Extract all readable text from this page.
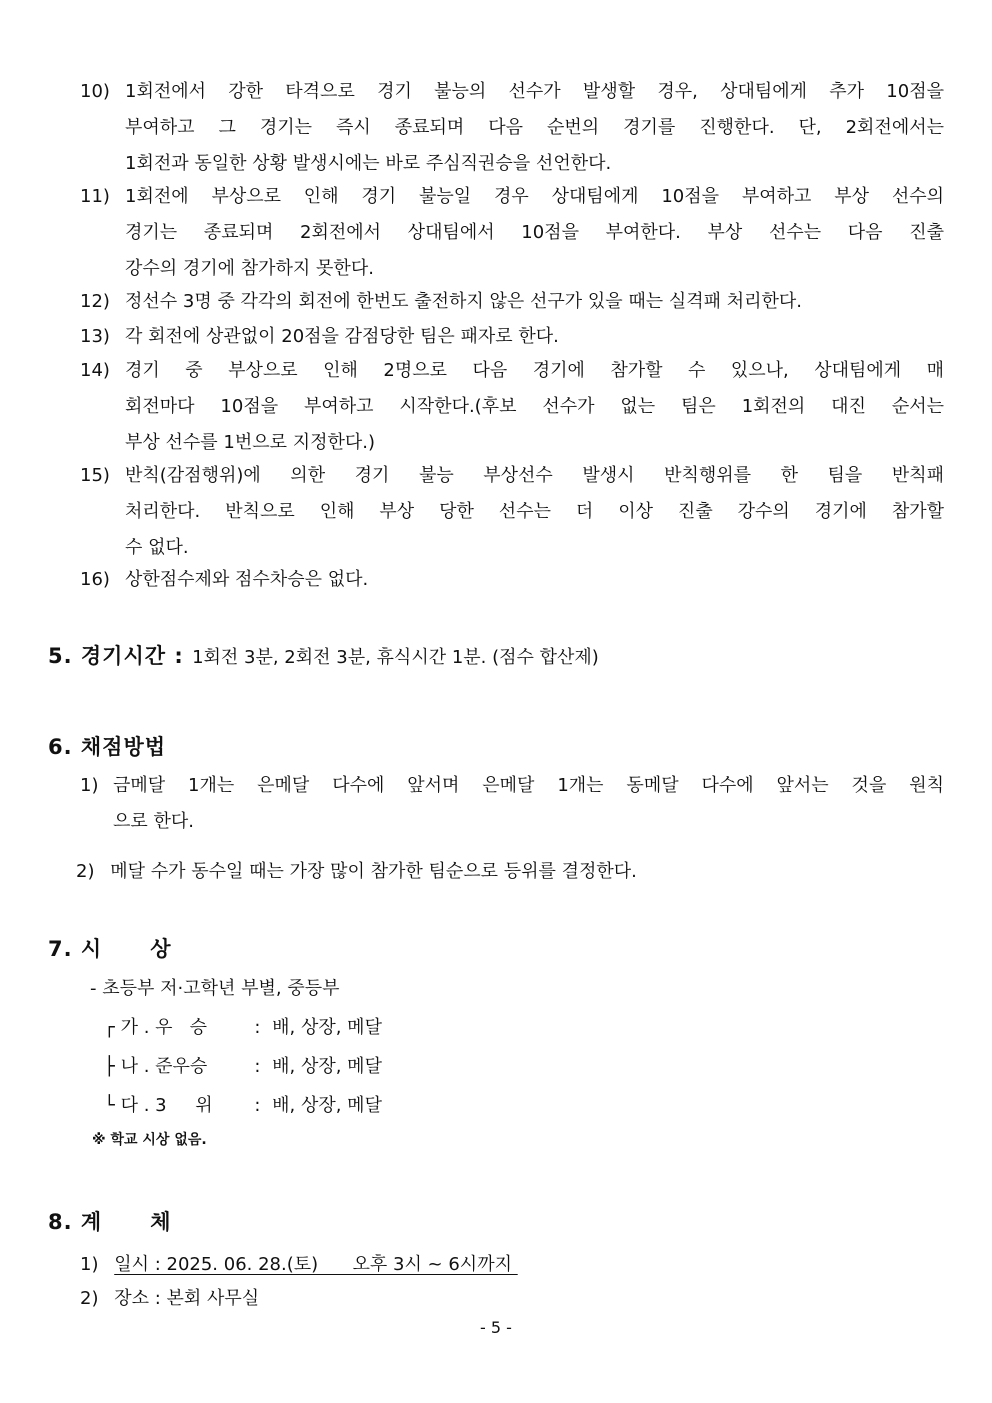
10) 1회전에서 강한 타격으로 경기 불능의 선수가 발생할 경우, 상대팀에게 추가 10점을
부여하고 그 경기는 즉시 종료되며 다음 순번의 경기를 진행한다. 단, 2회전에서는
1회전과 동일한 상황 발생시에는 바로 주심직권승을 선언한다.
11) 1회전에 부상으로 인해 경기 불능일 경우 상대팀에게 10점을 부여하고 부상 선수의
경기는 종료되며 2회전에서 상대팀에서 10점을 부여한다. 부상 선수는 다음 진출
강수의 경기에 참가하지 못한다.
12) 정선수 3명 중 각각의 회전에 한번도 출전하지 않은 선구가 있을 때는 실격패 처리한다.
13) 각 회전에 상관없이 20점을 감점당한 팀은 패자로 한다.
14) 경기 중 부상으로 인해 2명으로 다음 경기에 참가할 수 있으나, 상대팀에게 매
회전마다 10점을 부여하고 시작한다.(후보 선수가 없는 팀은 1회전의 대진 순서는
부상 선수를 1번으로 지정한다.)
15) 반칙(감점행위)에 의한 경기 불능 부상선수 발생시 반칙행위를 한 팀을 반칙패
처리한다. 반칙으로 인해 부상 당한 선수는 더 이상 진출 강수의 경기에 참가할
수 없다.
16) 상한점수제와 점수차승은 없다.
5. 경기시간 : 1회전 3분, 2회전 3분, 휴식시간 1분. (점수 합산제)
6. 채점방법
1) 금메달 1개는 은메달 다수에 앞서며 은메달 1개는 동메달 다수에 앞서는 것을 원칙
으로 한다.
2) 메달 수가 동수일 때는 가장 많이 참가한 팀순으로 등위를 결정한다.
7. 시 상
- 초등부 저·고학년 부별, 중등부
┌ 가 . 우   승	: 배, 상장, 메달
├ 나 . 준우승	: 배, 상장, 메달
└ 다 . 3     위 : 배, 상장, 메달
※ 학교 시상 없음.
8. 계 체
1) 일시 : 2025. 06. 28.(토)      오후 3시 ~ 6시까지
2) 장소 : 본회 사무실
- 5 -
